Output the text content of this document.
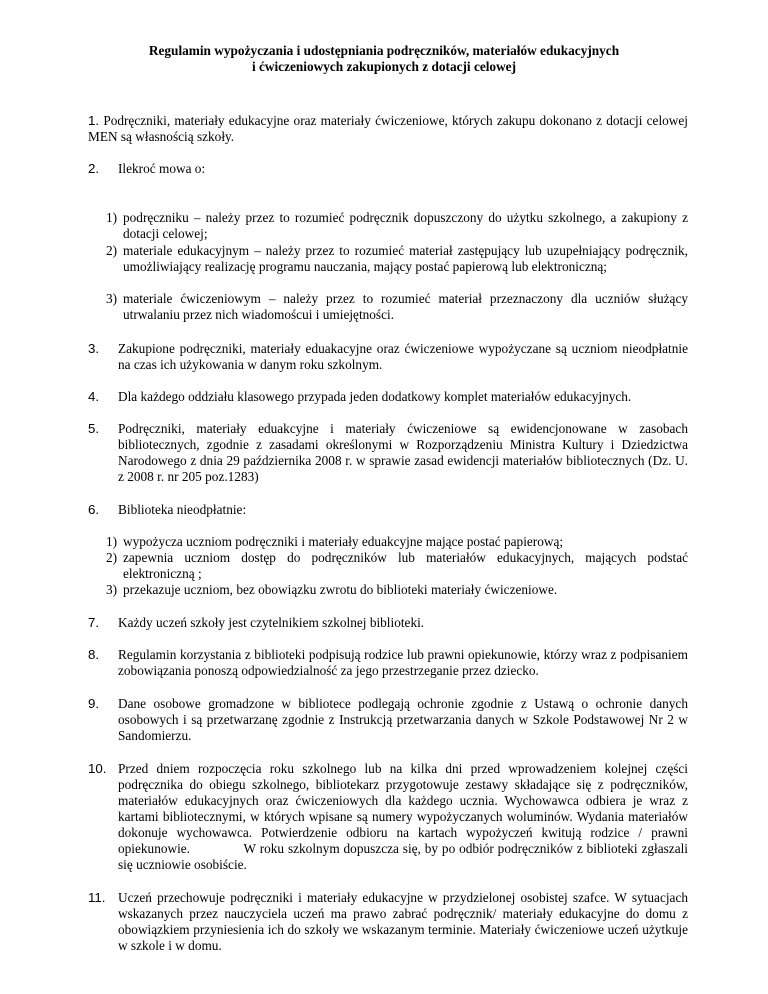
Regulamin wypożyczania i udostępniania podręczników, materiałów edukacyjnych
i ćwiczeniowych zakupionych z dotacji celowej
1. Podręczniki, materiały edukacyjne oraz materiały ćwiczeniowe, których zakupu dokonano z dotacji celowej MEN są własnością szkoły.
2. Ilekroć mowa o:
1) podręczniku – należy przez to rozumieć podręcznik dopuszczony do użytku szkolnego, a zakupiony z dotacji celowej;
2) materiale edukacyjnym – należy przez to rozumieć materiał zastępujący lub uzupełniający podręcznik, umożliwiający realizację programu nauczania, mający postać papierową lub elektroniczną;
3) materiale ćwiczeniowym – należy przez to rozumieć materiał przeznaczony dla uczniów służący utrwalaniu przez nich wiadomoścui i umiejętności.
3. Zakupione podręczniki, materiały eduakacyjne oraz ćwiczeniowe wypożyczane są uczniom nieodpłatnie na czas ich użykowania w danym roku szkolnym.
4. Dla każdego oddziału klasowego przypada jeden dodatkowy komplet materiałów edukacyjnych.
5. Podręczniki, materiały eduakcyjne i materiały ćwiczeniowe są ewidencjonowane w zasobach bibliotecznych, zgodnie z zasadami określonymi w Rozporządzeniu Ministra Kultury i Dziedzictwa Narodowego z dnia 29 października 2008 r. w sprawie zasad ewidencji materiałów bibliotecznych (Dz. U. z 2008 r. nr 205 poz.1283)
6. Biblioteka nieodpłatnie:
1) wypożycza uczniom podręczniki i materiały eduakcyjne mające postać papierową;
2) zapewnia uczniom dostęp do podręczników lub materiałów edukacyjnych, mających podstać elektroniczną ;
3) przekazuje uczniom, bez obowiązku zwrotu do biblioteki materiały ćwiczeniowe.
7. Każdy uczeń szkoły jest czytelnikiem szkolnej biblioteki.
8. Regulamin korzystania z biblioteki podpisują rodzice lub prawni opiekunowie, którzy wraz z podpisaniem zobowiązania ponoszą odpowiedzialność za jego przestrzeganie przez dziecko.
9. Dane osobowe gromadzone w bibliotece podlegają ochronie zgodnie z Ustawą o ochronie danych osobowych i są przetwarzanę zgodnie z Instrukcją przetwarzania danych w Szkole Podstawowej Nr 2 w Sandomierzu.
10. Przed dniem rozpoczęcia roku szkolnego lub na kilka dni przed wprowadzeniem kolejnej części podręcznika do obiegu szkolnego, bibliotekarz przygotowuje zestawy składające się z podręczników, materiałów edukacyjnych oraz ćwiczeniowych dla każdego ucznia. Wychowawca odbiera je wraz z kartami bibliotecznymi, w których wpisane są numery wypożyczanych woluminów. Wydania materiałów dokonuje wychowawca. Potwierdzenie odbioru na kartach wypożyczeń kwitują rodzice / prawni opiekunowie.	W roku szkolnym dopuszcza się, by po odbiór podręczników z biblioteki zgłaszali się uczniowie osobiście.
11. Uczeń przechowuje podręczniki i materiały edukacyjne w przydzielonej osobistej szafce. W sytuacjach wskazanych przez nauczyciela uczeń ma prawo zabrać podręcznik/ materiały edukacyjne do domu z obowiązkiem przyniesienia ich do szkoły we wskazanym terminie. Materiały ćwiczeniowe uczeń użytkuje w szkole i w domu.
